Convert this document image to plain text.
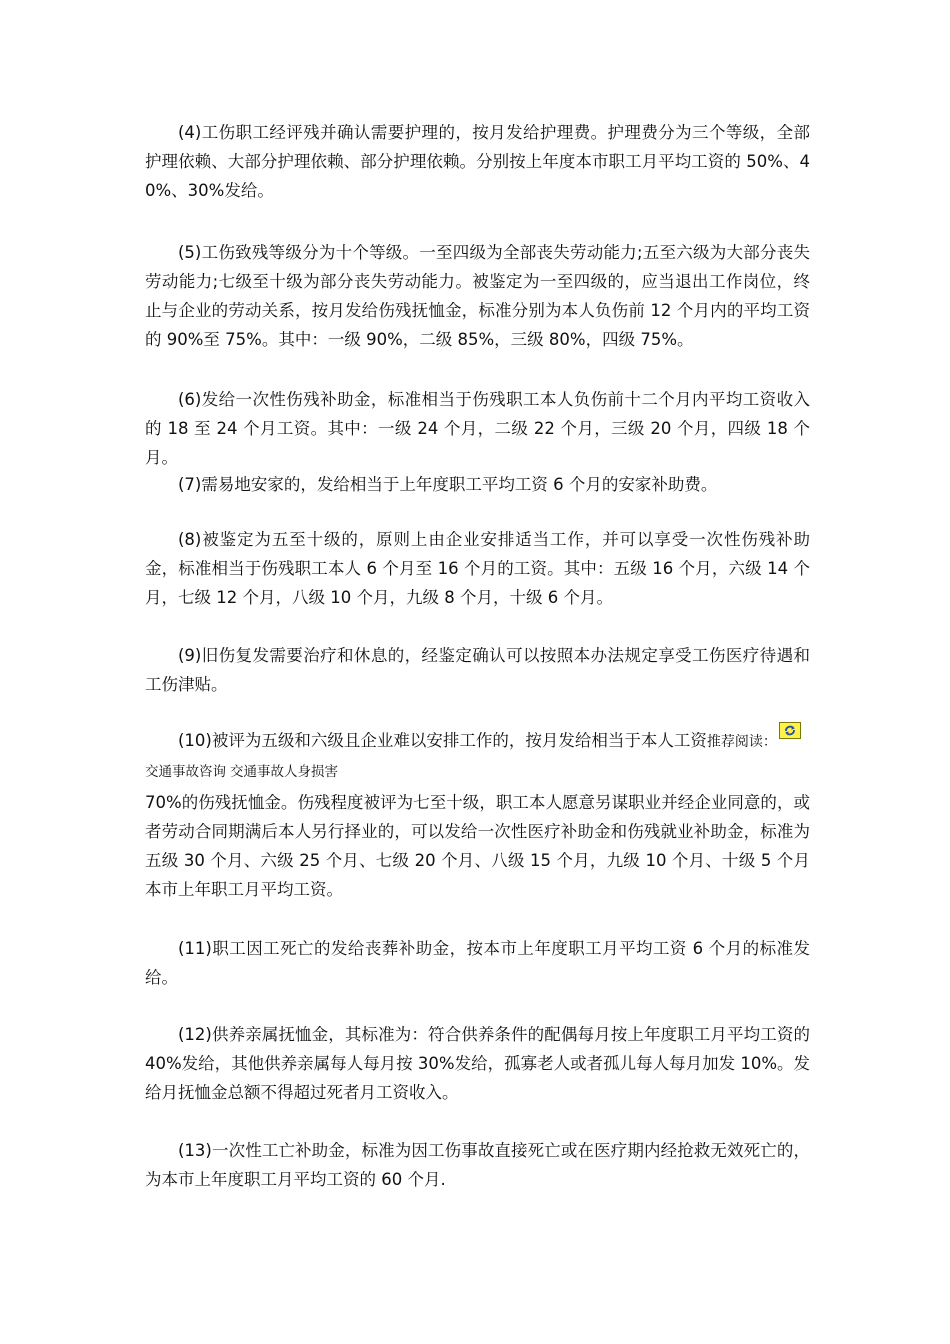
(4)工伤职工经评残并确认需要护理的，按月发给护理费。护理费分为三个等级，全部护理依赖、大部分护理依赖、部分护理依赖。分别按上年度本市职工月平均工资的 50%、40%、30%发给。

(5)工伤致残等级分为十个等级。一至四级为全部丧失劳动能力;五至六级为大部分丧失劳动能力;七级至十级为部分丧失劳动能力。被鉴定为一至四级的，应当退出工作岗位，终止与企业的劳动关系，按月发给伤残抚恤金，标准分别为本人负伤前 12 个月内的平均工资的 90%至 75%。其中：一级 90%，二级 85%，三级 80%，四级 75%。

(6)发给一次性伤残补助金，标准相当于伤残职工本人负伤前十二个月内平均工资收入的 18 至 24 个月工资。其中：一级 24 个月，二级 22 个月，三级 20 个月，四级 18 个月。

(7)需易地安家的，发给相当于上年度职工平均工资 6 个月的安家补助费。

(8)被鉴定为五至十级的，原则上由企业安排适当工作，并可以享受一次性伤残补助金，标准相当于伤残职工本人 6 个月至 16 个月的工资。其中：五级 16 个月，六级 14 个月，七级 12 个月，八级 10 个月，九级 8 个月，十级 6 个月。

(9)旧伤复发需要治疗和休息的，经鉴定确认可以按照本办法规定享受工伤医疗待遇和工伤津贴。

(10)被评为五级和六级且企业难以安排工作的，按月发给相当于本人工资推荐阅读：

交通事故咨询 交通事故人身损害

70%的伤残抚恤金。伤残程度被评为七至十级，职工本人愿意另谋职业并经企业同意的，或者劳动合同期满后本人另行择业的，可以发给一次性医疗补助金和伤残就业补助金，标准为五级 30 个月、六级 25 个月、七级 20 个月、八级 15 个月，九级 10 个月、十级 5 个月本市上年职工月平均工资。

(11)职工因工死亡的发给丧葬补助金，按本市上年度职工月平均工资 6 个月的标准发给。

(12)供养亲属抚恤金，其标准为：符合供养条件的配偶每月按上年度职工月平均工资的 40%发给，其他供养亲属每人每月按 30%发给，孤寡老人或者孤儿每人每月加发 10%。发给月抚恤金总额不得超过死者月工资收入。

(13)一次性工亡补助金，标准为因工伤事故直接死亡或在医疗期内经抢救无效死亡的，为本市上年度职工月平均工资的 60 个月.
